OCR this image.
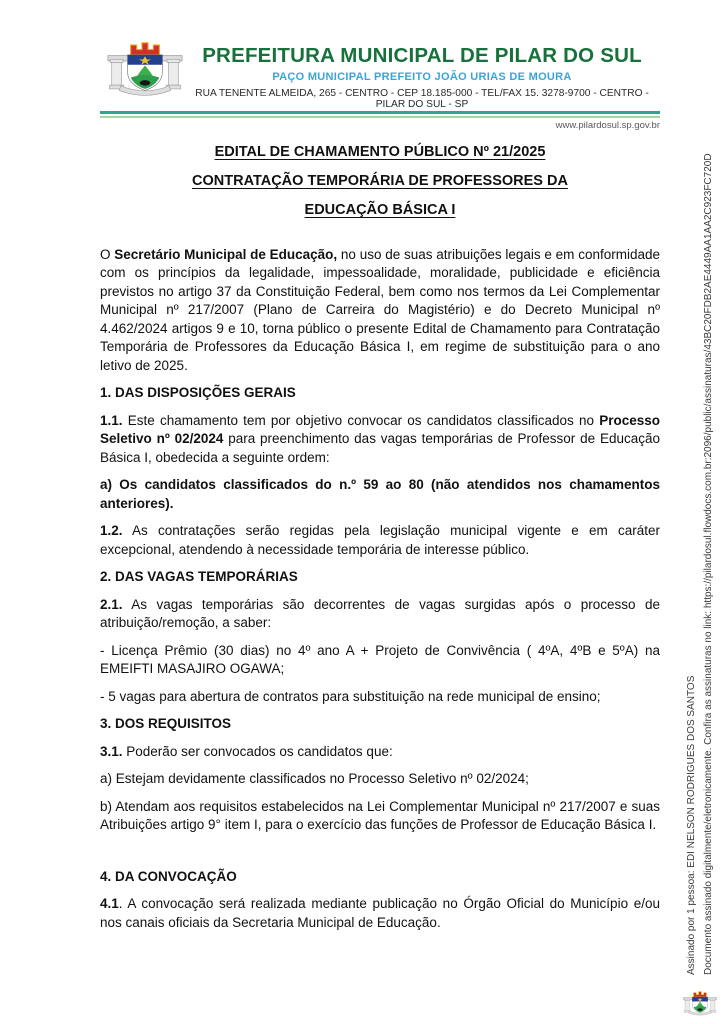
PREFEITURA MUNICIPAL DE PILAR DO SUL
PAÇO MUNICIPAL PREFEITO JOÃO URIAS DE MOURA
RUA TENENTE ALMEIDA, 265 - CENTRO - CEP 18.185-000 - TEL/FAX 15. 3278-9700 - CENTRO - PILAR DO SUL - SP
www.pilardosul.sp.gov.br
EDITAL DE CHAMAMENTO PÚBLICO Nº 21/2025
CONTRATAÇÃO TEMPORÁRIA DE PROFESSORES DA
EDUCAÇÃO BÁSICA I

O Secretário Municipal de Educação, no uso de suas atribuições legais e em conformidade com os princípios da legalidade, impessoalidade, moralidade, publicidade e eficiência previstos no artigo 37 da Constituição Federal, bem como nos termos da Lei Complementar Municipal nº 217/2007 (Plano de Carreira do Magistério) e do Decreto Municipal nº 4.462/2024 artigos 9 e 10, torna público o presente Edital de Chamamento para Contratação Temporária de Professores da Educação Básica I, em regime de substituição para o ano letivo de 2025.

1. DAS DISPOSIÇÕES GERAIS

1.1. Este chamamento tem por objetivo convocar os candidatos classificados no Processo Seletivo nº 02/2024 para preenchimento das vagas temporárias de Professor de Educação Básica I, obedecida a seguinte ordem:

a) Os candidatos classificados do n.º 59 ao 80 (não atendidos nos chamamentos anteriores).

1.2. As contratações serão regidas pela legislação municipal vigente e em caráter excepcional, atendendo à necessidade temporária de interesse público.

2. DAS VAGAS TEMPORÁRIAS

2.1. As vagas temporárias são decorrentes de vagas surgidas após o processo de atribuição/remoção, a saber:

- Licença Prêmio (30 dias) no 4º ano A + Projeto de Convivência ( 4ºA, 4ºB e 5ºA) na EMEIFTI MASAJIRO OGAWA;

- 5 vagas para abertura de contratos para substituição na rede municipal de ensino;

3. DOS REQUISITOS

3.1. Poderão ser convocados os candidatos que:

a) Estejam devidamente classificados no Processo Seletivo nº 02/2024;

b) Atendam aos requisitos estabelecidos na Lei Complementar Municipal nº 217/2007 e suas Atribuições artigo 9° item I, para o exercício das funções de Professor de Educação Básica I.

4. DA CONVOCAÇÃO

4.1. A convocação será realizada mediante publicação no Órgão Oficial do Município e/ou nos canais oficiais da Secretaria Municipal de Educação.	Assinado por 1 pessoa: EDI NELSON RODRIGUES DOS SANTOS Documento assinado digitalmente/eletronicamente. Confira as assinaturas no link: https://pilardosul.flowdocs.com.br:2096/public/assinaturas/43BC20FDB2AE4449AA1AA2C923FC720D
